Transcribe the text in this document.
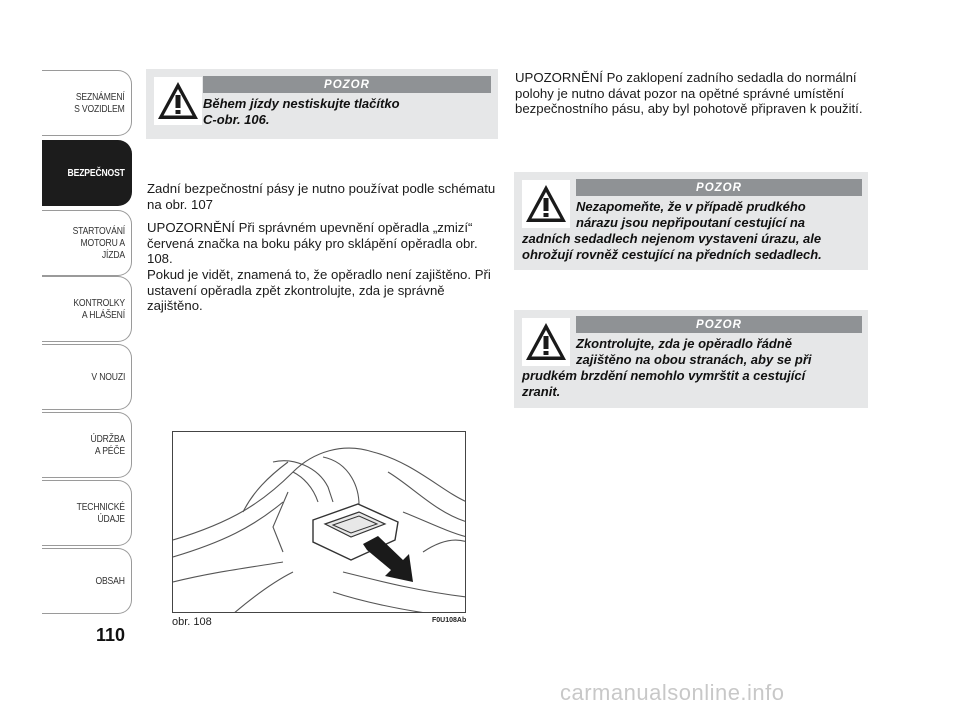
SEZNÁMENÍ
S VOZIDLEM
BEZPEČNOST
STARTOVÁNÍ
MOTORU A JÍZDA
KONTROLKY
A HLÁŠENÍ
V NOUZI
ÚDRŽBA
A PÉČE
TECHNICKÉ
ÚDAJE
OBSAH
110
POZOR
Během jízdy nestiskujte tlačítko
C-obr. 106.

Zadní bezpečnostní pásy je nutno používat podle schématu na obr. 107

UPOZORNĚNÍ Při správném upevnění opěradla „zmizí“ červená značka na boku páky pro sklápění opěradla obr. 108.

Pokud je vidět, znamená to, že opěradlo není zajištěno. Při ustavení opěradla zpět zkontrolujte, zda je správně zajištěno.

obr. 108	F0U108Ab

UPOZORNĚNÍ Po zaklopení zadního sedadla do normální polohy je nutno dávat pozor na opětné správné umístění bezpečnostního pásu, aby byl pohotově připraven k použití.

POZOR
Nezapomeňte, že v případě prudkého
nárazu jsou nepřipoutaní cestující na
zadních sedadlech nejenom vystaveni úrazu, ale
ohrožují rovněž cestující na předních sedadlech.
POZOR
Zkontrolujte, zda je opěradlo řádně
zajištěno na obou stranách, aby se při
prudkém brzdění nemohlo vymrštit a cestující
zranit.
carmanualsonline.info
